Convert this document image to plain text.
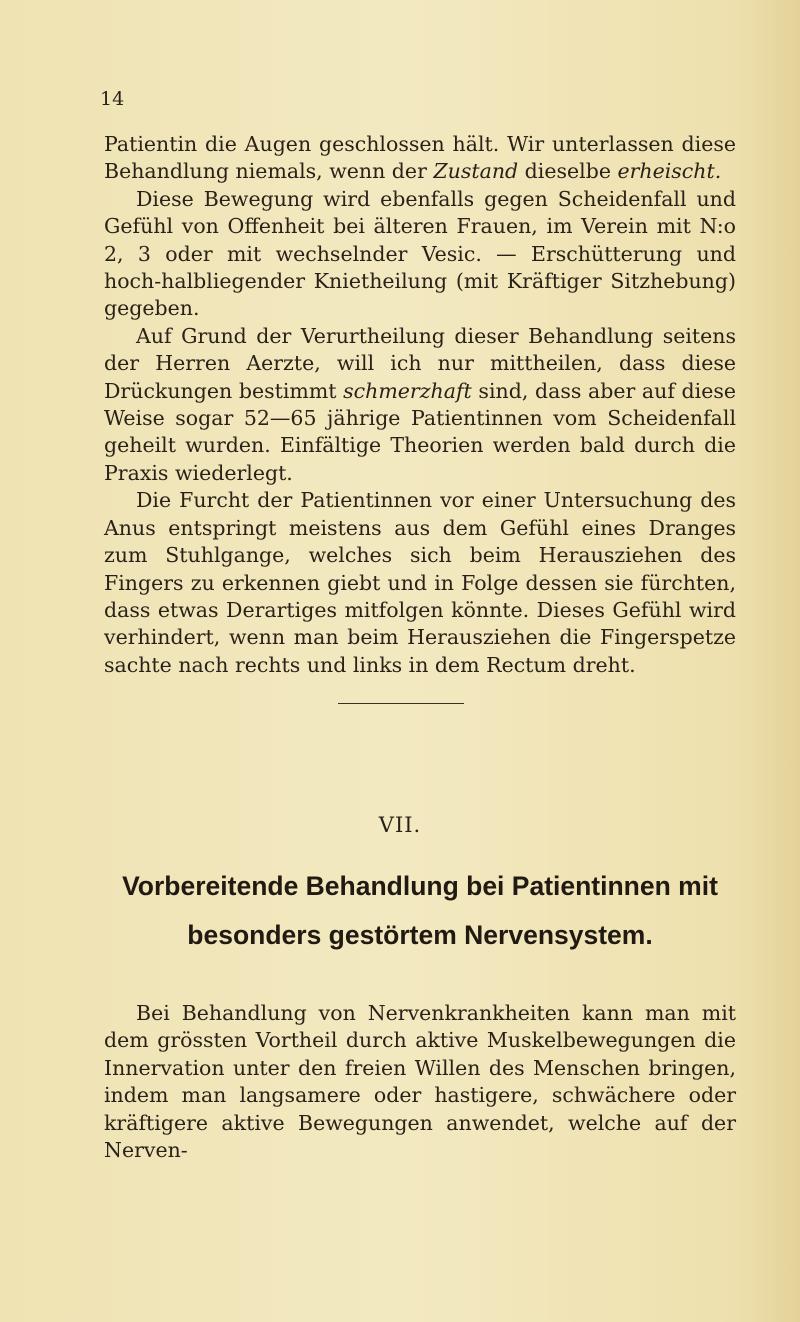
14

Patientin die Augen geschlossen hält. Wir unterlassen diese Behandlung niemals, wenn der Zustand dieselbe erheischt.

Diese Bewegung wird ebenfalls gegen Scheidenfall und Gefühl von Offenheit bei älteren Frauen, im Verein mit N:o 2, 3 oder mit wechselnder Vesic. — Erschütterung und hoch-halbliegender Knietheilung (mit Kräftiger Sitzhebung) gegeben.

Auf Grund der Verurtheilung dieser Behandlung seitens der Herren Aerzte, will ich nur mittheilen, dass diese Drückungen bestimmt schmerzhaft sind, dass aber auf diese Weise sogar 52—65 jährige Patientinnen vom Scheidenfall geheilt wurden. Einfältige Theorien werden bald durch die Praxis wiederlegt.

Die Furcht der Patientinnen vor einer Untersuchung des Anus entspringt meistens aus dem Gefühl eines Dranges zum Stuhlgange, welches sich beim Herausziehen des Fingers zu erkennen giebt und in Folge dessen sie fürchten, dass etwas Derartiges mitfolgen könnte. Dieses Gefühl wird verhindert, wenn man beim Herausziehen die Fingerspetze sachte nach rechts und links in dem Rectum dreht.

VII.
Vorbereitende Behandlung bei Patientinnen mit
besonders gestörtem Nervensystem.

Bei Behandlung von Nervenkrankheiten kann man mit dem grössten Vortheil durch aktive Muskelbewegungen die Innervation unter den freien Willen des Menschen bringen, indem man langsamere oder hastigere, schwächere oder kräftigere aktive Bewegungen anwendet, welche auf der Nerven-
